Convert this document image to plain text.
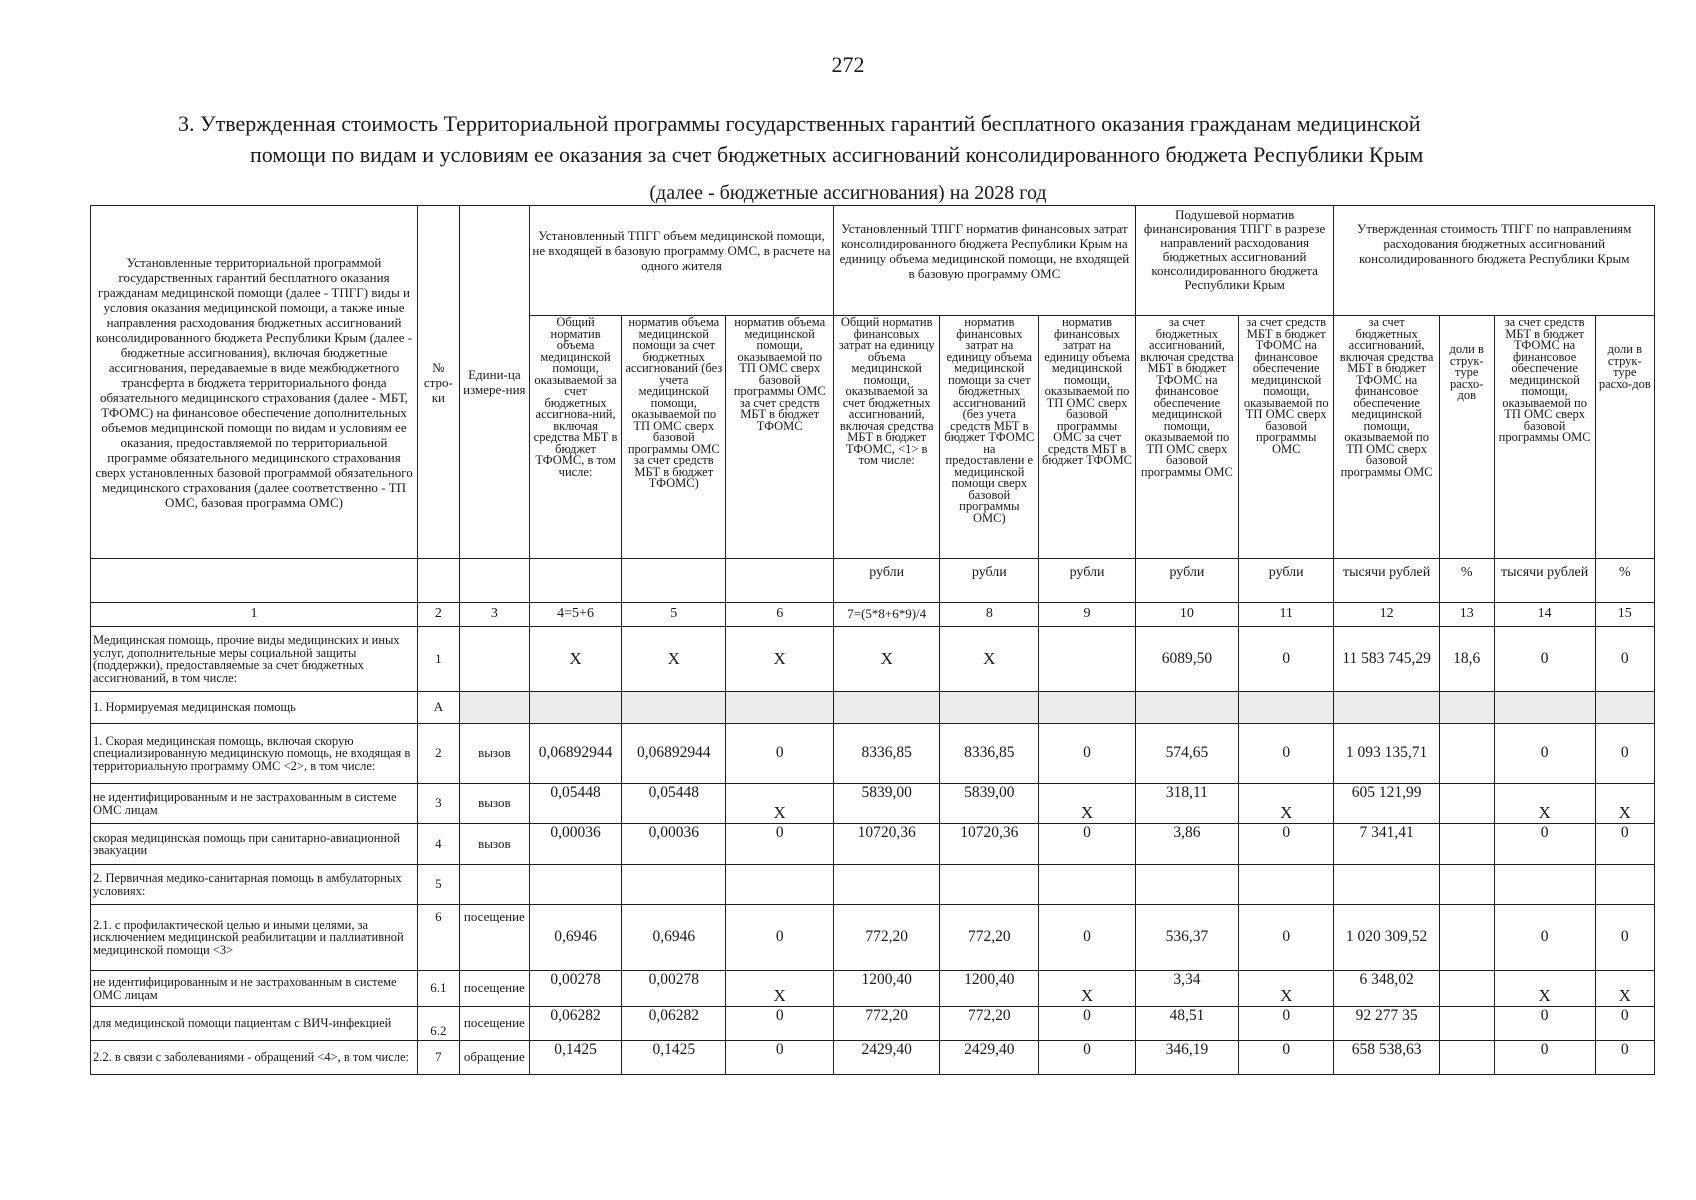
272
3. Утвержденная стоимость Территориальной программы государственных гарантий бесплатного оказания гражданам медицинской
помощи по видам и условиям ее оказания за счет бюджетных ассигнований консолидированного бюджета Республики Крым
(далее - бюджетные ассигнования) на 2028 год
Установленные территориальной программой государственных гарантий бесплатного оказания гражданам медицинской помощи (далее - ТПГГ) виды и условия оказания медицинской помощи, а также иные направления расходования бюджетных ассигнований консолидированного бюджета Республики Крым (далее - бюджетные ассигнования), включая бюджетные ассигнования, передаваемые в виде межбюджетного трансферта в бюджета территориального фонда обязательного медицинского страхования (далее - МБТ, ТФОМС) на финансовое обеспечение дополнительных объемов медицинской помощи по видам и условиям ее оказания, предоставляемой по территориальной программе обязательного медицинского страхования сверх установленных базовой программой обязательного медицинского страхования (далее соответственно - ТП ОМС, базовая программа ОМС)	№ стро-ки	Едини-ца измере-ния	Установленный ТПГГ объем медицинской помощи, не входящей в базовую программу ОМС, в расчете на одного жителя			Установленный ТПГГ норматив финансовых затрат консолидированного бюджета Республики Крым на единицу объема медицинской помощи, не входящей в базовую программу ОМС			Подушевой норматив финансирования ТПГГ в разрезе направлений расходования бюджетных ассигнований консолидированного бюджета Республики Крым		Утвержденная стоимость ТПГГ по направлениям расходования бюджетных ассигнований консолидированного бюджета Республики Крым			
			Общий норматив объема медицинской помощи, оказываемой за счет бюджетных ассигнова-ний, включая средства МБТ в бюджет ТФОМС, в том числе:	норматив объема медицинской помощи за счет бюджетных ассигнований (без учета медицинской помощи, оказываемой по ТП ОМС сверх базовой программы ОМС за счет средств МБТ в бюджет ТФОМС)	норматив объема медицинской помощи, оказываемой по ТП ОМС сверх базовой программы ОМС за счет средств МБТ в бюджет ТФОМС	Общий норматив финансовых затрат на единицу объема медицинской помощи, оказываемой за счет бюджетных ассигнований, включая средства МБТ в бюджет ТФОМС, <1> в том числе:	норматив финансовых затрат на единицу объема медицинской помощи за счет бюджетных ассигнований (без учета средств МБТ в бюджет ТФОМС на предоставлени е медицинской помощи сверх базовой программы ОМС)	норматив финансовых затрат на единицу объема медицинской помощи, оказываемой по ТП ОМС сверх базовой программы ОМС за счет средств МБТ в бюджет ТФОМС	за счет бюджетных ассигнований, включая средства МБТ в бюджет ТФОМС на финансовое обеспечение медицинской помощи, оказываемой по ТП ОМС сверх базовой программы ОМС	за счет средств МБТ в бюджет ТФОМС на финансовое обеспечение медицинской помощи, оказываемой по ТП ОМС сверх базовой программы ОМС	за счет бюджетных ассигнований, включая средства МБТ в бюджет ТФОМС на финансовое обеспечение медицинской помощи, оказываемой по ТП ОМС сверх базовой программы ОМС	доли в струк-туре расхо-дов	за счет средств МБТ в бюджет ТФОМС на финансовое обеспечение медицинской помощи, оказываемой по ТП ОМС сверх базовой программы ОМС	доли в струк-туре расхо-дов
						рубли	рубли	рубли	рубли	рубли	тысячи рублей	%	тысячи рублей	%
1	2	3	4=5+6	5	6	7=(5*8+6*9)/4	8	9	10	11	12	13	14	15
Медицинская помощь, прочие виды медицинских и иных услуг, дополнительные меры социальной защиты (поддержки), предоставляемые за счет бюджетных ассигнований, в том числе:	1		X	X	X	X	X		6089,50	0	11 583 745,29	18,6	0	0
1. Нормируемая медицинская помощь	А													
1. Скорая медицинская помощь, включая скорую специализированную медицинскую помощь, не входящая в территориальную программу ОМС <2>, в том числе:	2	вызов	0,06892944	0,06892944	0	8336,85	8336,85	0	574,65	0	1 093 135,71		0	0
не идентифицированным и не застрахованным в системе ОМС лицам	3	вызов	0,05448	0,05448	X	5839,00	5839,00	X	318,11	X	605 121,99		X	X
скорая медицинская помощь при санитарно-авиационной эвакуации	4	вызов	0,00036	0,00036	0	10720,36	10720,36	0	3,86	0	7 341,41		0	0
2. Первичная медико-санитарная помощь в амбулаторных условиях:	5													
2.1. с профилактической целью и иными целями, за исключением медицинской реабилитации и паллиативной медицинской помощи <3>	6	посещение	0,6946	0,6946	0	772,20	772,20	0	536,37	0	1 020 309,52		0	0
не идентифицированным и не застрахованным в системе ОМС лицам	6.1	посещение	0,00278	0,00278	X	1200,40	1200,40	X	3,34	X	6 348,02		X	X
для медицинской помощи пациентам с ВИЧ-инфекцией	6.2	посещение	0,06282	0,06282	0	772,20	772,20	0	48,51	0	92 277 35		0	0
2.2. в связи с заболеваниями - обращений <4>, в том числе:	7	обращение	0,1425	0,1425	0	2429,40	2429,40	0	346,19	0	658 538,63		0	0
